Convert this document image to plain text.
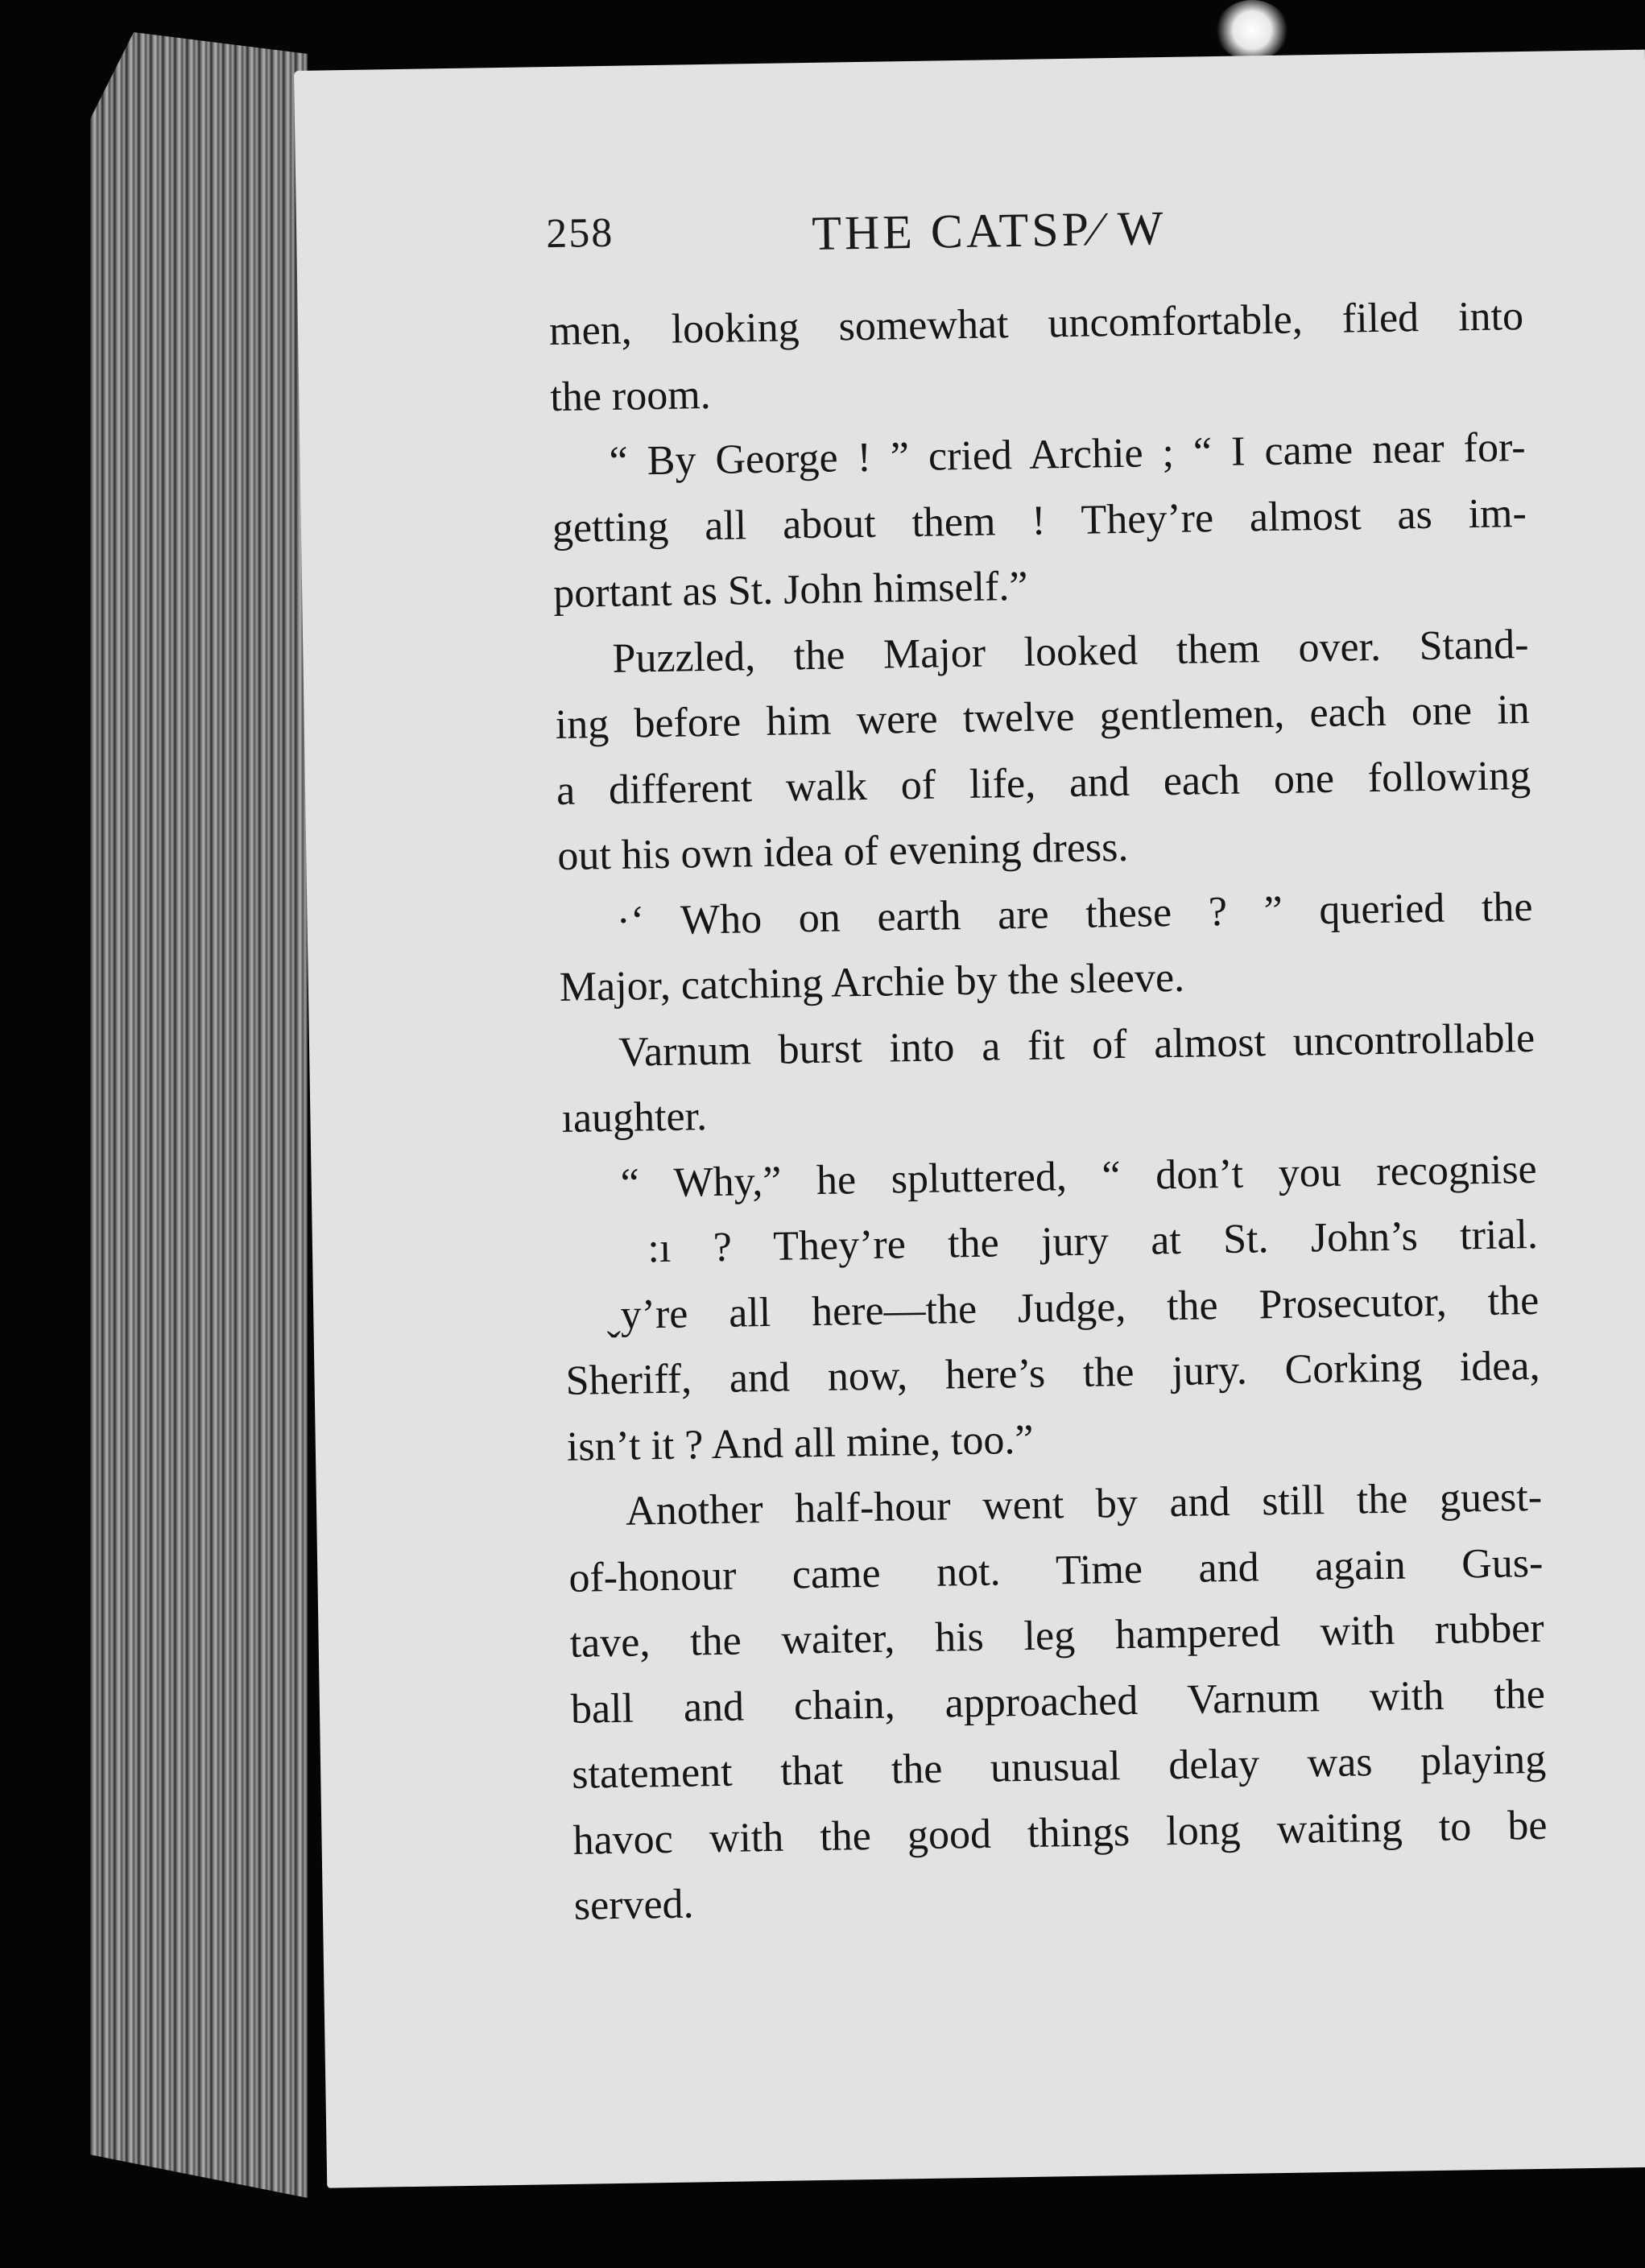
258	THE CATSP⁄ W
men, looking somewhat uncomfortable, filed into
the room.
“ By George ! ” cried Archie ; “ I came near for-
getting all about them ! They’re almost as im-
portant as St. John himself.”
Puzzled, the Major looked them over. Stand-
ing before him were twelve gentlemen, each one in
a different walk of life, and each one following
out his own idea of evening dress.
·‘ Who on earth are these ? ” queried the
Major, catching Archie by the sleeve.
Varnum burst into a fit of almost uncontrollable
ıaughter.
“ Why,” he spluttered, “ don’t you recognise
  :ı ? They’re the jury at St. John’s trial.
 ˬy’re all here—the Judge, the Prosecutor, the
Sheriff, and now, here’s the jury. Corking idea,
isn’t it ? And all mine, too.”
Another half-hour went by and still the guest-
of-honour came not. Time and again Gus-
tave, the waiter, his leg hampered with rubber
ball and chain, approached Varnum with the
statement that the unusual delay was playing
havoc with the good things long waiting to be
served.
